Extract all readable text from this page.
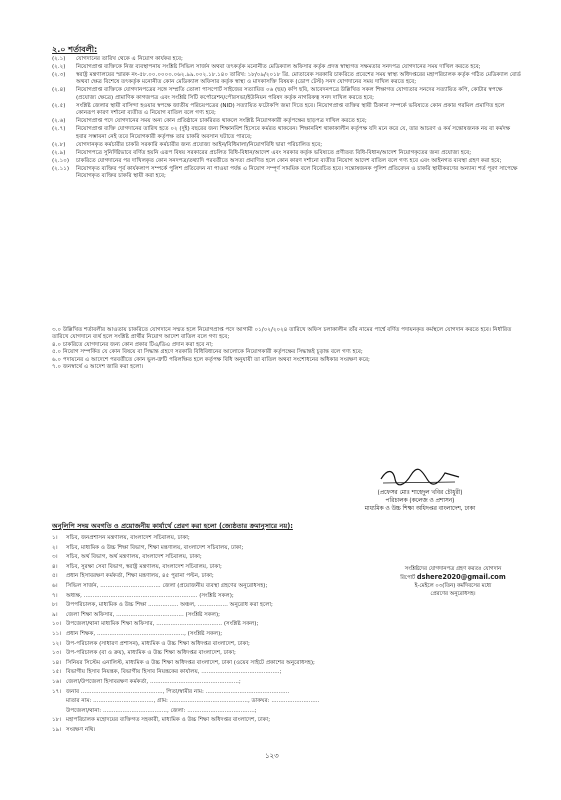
২.০ শর্তাবলী:
(২.১)	যোগদানের তারিখ থেকে এ নিয়োগ কার্যকর হবে;
(২.২)	নিয়োগপ্রাপ্ত ব্যক্তিকে নিজ ব্যবস্থাপনায় সংশ্লিষ্ট সিভিল সার্জন অথবা তৎকর্তৃক মনোনীত মেডিক্যাল অফিসার কর্তৃক প্রদত্ত স্বাস্থ্যগত সক্ষমতার সনদপত্র যোগদানের সময় দাখিল করতে হবে;
(২.৩)	স্বরাষ্ট্র মন্ত্রণালয়ের স্মারক নং-৫৮.০০.০০০০.০৬২.৯৯.০০২.১৮.১৪০ তারিখ: ১৮/০৯/২০১৮ খ্রি. মোতাবেক সরকারি চাকরিতে প্রবেশের সময় স্বাস্থ্য অধিদপ্তরের মহাপরিচালক কর্তৃক গঠিত মেডিক্যাল বোর্ড অথবা ক্ষেত্র বিশেষে তৎকর্তৃক মনোনীত কোন মেডিক্যাল অফিসার কর্তৃক স্বাস্থ্য ও মাদকাসক্তি বিষয়ক (ডোপ টেস্ট) সনদ যোগদানের সময় দাখিল করতে হবে;
(২.৪)	নিয়োগপ্রাপ্ত ব্যক্তিকে যোগদানপত্রের সঙ্গে সম্প্রতি তোলা পাসপোর্ট সাইজের সত্যায়িত ০৬ (ছয়) কপি ছবি, আবেদনপত্রে উল্লিখিত সকল শিক্ষাগত যোগ্যতার সনদের সত্যায়িত কপি, কোটার স্বপক্ষে (প্রযোজ্য ক্ষেত্রে) প্রামাণিক কাগজপত্র এবং সংশ্লিষ্ট সিটি কর্পোরেশন/পৌরসভা/ইউনিয়ন পরিষদ কর্তৃক নাগরিকত্ব সনদ দাখিল করতে হবে;
(২.৫)	সংশ্লিষ্ট জেলার স্থায়ী বাসিন্দা হওয়ার স্বপক্ষে জাতীয় পরিচয়পত্রের (NID) সত্যায়িত ফটোকপি জমা দিতে হবে। নিয়োগপ্রাপ্ত ব্যক্তির স্থায়ী ঠিকানা সম্পর্কে ভবিষ্যতে কোন প্রকার গরমিল প্রমাণিত হলে কোনরূপ কারণ দর্শানো ব্যতীত এ নিয়োগ বাতিল বলে গণ্য হবে;
(২.৬)	নিয়োগপ্রাপ্ত পদে যোগদানের সময় অন্য কোন প্রতিষ্ঠানে চাকরিরত থাকলে সংশ্লিষ্ট নিয়োগকারী কর্তৃপক্ষের ছাড়পত্র দাখিল করতে হবে;
(২.৭)	নিয়োগপ্রাপ্ত ব্যক্তি যোগদানের তারিখ হতে ০২ (দুই) বছরের জন্য শিক্ষানবিশ হিসেবে কর্মরত থাকবেন। শিক্ষানবিশ থাকাকালীন কর্তৃপক্ষ যদি মনে করে যে, তার আচরণ ও কর্ম সন্তোষজনক নয় বা কর্মদক্ষ হবার সম্ভাবনা নেই তবে নিয়োগকারী কর্তৃপক্ষ তার চাকরি অবসান ঘটাতে পারবে;
(২.৮)	যোগদানকৃত কর্মচারীর চাকরি সরকারি কর্মচারীর জন্য প্রযোজ্য আইন/বিধিমালা/নিয়োগবিধি দ্বারা পরিচালিত হবে;
(২.৯)	নিয়োগপত্রে সুনির্দিষ্টভাবে বর্ণিত হয়নি এরূপ বিষয় সরকারের প্রচলিত বিধি-বিধান/আদেশ এবং সরকার কর্তৃক ভবিষ্যতে প্রণীতব্য বিধি-বিধান/আদেশ নিয়োগকৃতের জন্য প্রযোজ্য হবে;
(২.১০)	চাকরিতে যোগদানের পর দাখিলকৃত কোন সনদপত্র/তথ্যাদি পরবর্তীতে অসত্য প্রমাণিত হলে কোন কারণ দর্শানো ব্যতীত নিয়োগ আদেশ বাতিল বলে গণ্য হবে এবং আইনগত ব্যবস্থা গ্রহণ করা হবে;
(২.১১)	নিয়োগকৃত ব্যক্তির পূর্ব কার্যকলাপ সম্পর্কে পুলিশ প্রতিবেদন না পাওয়া পর্যন্ত এ নিয়োগ সম্পূর্ণ সাময়িক বলে বিবেচিত হবে। সন্তোষজনক পুলিশ প্রতিবেদন ও চাকরি স্থায়ীকরণের অন্যান্য শর্ত পূরণ সাপেক্ষে নিয়োগকৃত ব্যক্তির চাকরি স্থায়ী করা হবে;
৩.০ উল্লিখিত শর্তাবলীর আওতায় চাকরিতে যোগদানে সম্মত হলে নিয়োগপ্রাপ্ত পদে আগামী ০১/০২/২০২৪ তারিখে অফিস চলাকালীন তাঁর নামের পার্শ্বে বর্ণিত পদায়নকৃত কর্মস্থলে যোগদান করতে হবে। নির্ধারিত তারিখে যোগদানে ব্যর্থ হলে সংশ্লিষ্ট প্রার্থীর নিয়োগ আদেশ বাতিল বলে গণ্য হবে;
৪.০ চাকরিতে যোগদানের জন্য কোন প্রকার টিএ/ডিএ প্রদান করা হবে না;
৫.০ নিয়োগ সম্পর্কিত যে কোন বিষয়ে বা সিদ্ধান্ত গ্রহণে সরকারি বিধিবিধানের আলোকে নিয়োগকারী কর্তৃপক্ষের সিদ্ধান্তই চূড়ান্ত বলে গণ্য হবে;
৬.০ পদায়নের এ আদেশে পরবর্তীতে কোন ভুল-ত্রুটি পরিলক্ষিত হলে কর্তৃপক্ষ বিধি অনুযায়ী তা বাতিল অথবা সংশোধনের অধিকার সংরক্ষণ করে;
৭.০ জনস্বার্থে এ আদেশ জারি করা হলো।
(প্রফেসর মোঃ শাহেদুল খবির চৌধুরী)
পরিচালক (কলেজ ও প্রশাসন)
মাধ্যমিক ও উচ্চ শিক্ষা অধিদপ্তর বাংলাদেশ, ঢাকা
অনুলিপি সদয় অবগতি ও প্রয়োজনীয় কার্যার্থে প্রেরণ করা হলো (জ্যেষ্ঠতার ক্রমানুসারে নয়):
১।	সচিব, জনপ্রশাসন মন্ত্রণালয়, বাংলাদেশ সচিবালয়, ঢাকা;
২।	সচিব, মাধ্যমিক ও উচ্চ শিক্ষা বিভাগ, শিক্ষা মন্ত্রণালয়, বাংলাদেশ সচিবালয়, ঢাকা;
৩।	সচিব, অর্থ বিভাগ, অর্থ মন্ত্রণালয়, বাংলাদেশ সচিবালয়, ঢাকা;
৪।	সচিব, সুরক্ষা সেবা বিভাগ, স্বরাষ্ট্র মন্ত্রণালয়, বাংলাদেশ সচিবালয়, ঢাকা;
৫।	প্রধান হিসাবরক্ষণ কর্মকর্তা, শিক্ষা মন্ত্রণালয়, ৪৫ পুরানা পল্টন, ঢাকা;
৬।	সিভিল সার্জন, .................................. জেলা (প্রয়োজনীয় ব্যবস্থা গ্রহণের অনুরোধসহ);
৭।	অধ্যক্ষ, ................................................................ (সংশ্লিষ্ট সকল);
৮।	উপপরিচালক, মাধ্যমিক ও উচ্চ শিক্ষা ................. অঞ্চল, ................. অনুরোধ করা হলো;
৯।	জেলা শিক্ষা অফিসার, ...................................... (সংশ্লিষ্ট সকল);
১০। উপজেলা/থানা মাধ্যমিক শিক্ষা অফিসার, ..................................... (সংশ্লিষ্ট সকল);
১১। প্রধান শিক্ষক, ................................................., (সংশ্লিষ্ট সকল);
১২। উপ-পরিচালক (সাধারণ প্রশাসন), মাধ্যমিক ও উচ্চ শিক্ষা অধিদপ্তর বাংলাদেশ, ঢাকা;
১৩। উপ-পরিচালক (বা ও ক্রয়), মাধ্যমিক ও উচ্চ শিক্ষা অধিদপ্তর বাংলাদেশ, ঢাকা;
১৪। সিনিয়র সিস্টেম এনালিস্ট, মাধ্যমিক ও উচ্চ শিক্ষা অধিদপ্তর বাংলাদেশ, ঢাকা (ওয়েব সাইটে প্রকাশের অনুরোধসহ);
১৫। বিভাগীয় হিসাব নিয়ন্ত্রক, বিভাগীয় হিসাব নিয়ন্ত্রকের কার্যালয়, ............................................;
১৬। জেলা/উপজেলা হিসাবরক্ষণ কর্মকর্তা, ..................................................;
১৭। জনাব .............................................., পিতা/স্বামীর নাম: ...............................................
মাতার নাম: .................................., গ্রাম: ............................................, ডাকঘর: ...........................
উপজেলা/থানা: ...................................., জেলা: ......................................;
১৮। মহাপরিচালক মহোদয়ের ব্যক্তিগত সহকারী, মাধ্যমিক ও উচ্চ শিক্ষা অধিদপ্তর বাংলাদেশ, ঢাকা;
১৯। সংরক্ষণ নথি।
সংশ্লিষ্টদের যোগদানপত্র গ্রহণ করতঃ যোগদান
রিপোর্ট dshere2020@gmail.com
ই-মেইলে ০৩(তিন) কর্মদিবসের মধ্যে
প্রেরণের অনুরোধসহ।
১২৩
